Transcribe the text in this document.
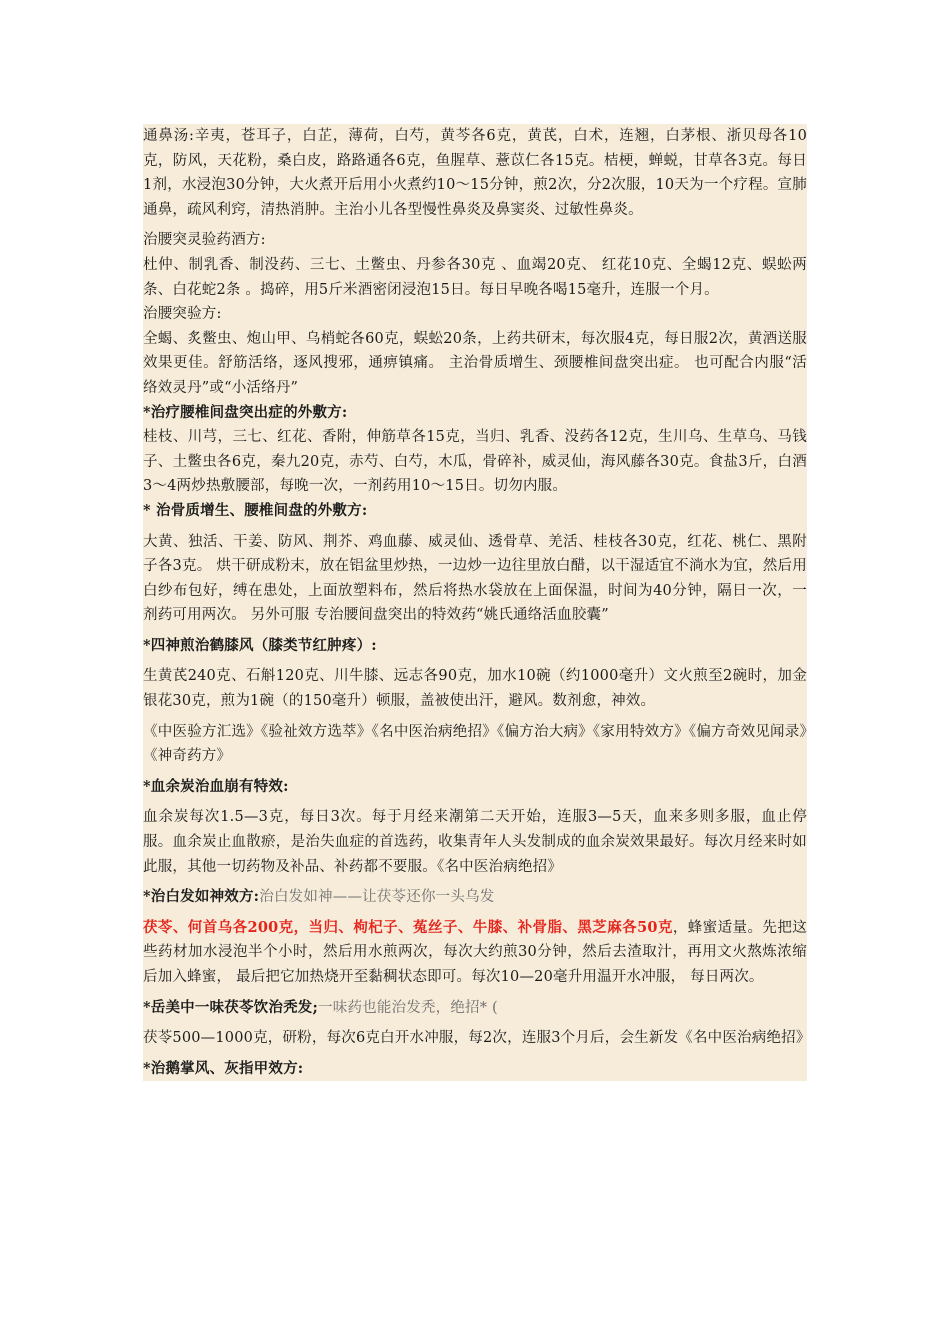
通鼻汤:辛夷，苍耳子，白芷，薄荷，白芍，黄芩各6克，黄芪，白术，连翘，白茅根、浙贝母各10克，防风，天花粉，桑白皮，路路通各6克，鱼腥草、薏苡仁各15克。桔梗，蝉蜕，甘草各3克。每日1剂，水浸泡30分钟，大火煮开后用小火煮约10～15分钟，煎2次，分2次服，10天为一个疗程。宣肺通鼻，疏风利窍，清热消肿。主治小儿各型慢性鼻炎及鼻窦炎、过敏性鼻炎。

治腰突灵验药酒方:

杜仲、制乳香、制没药、三七、土鳖虫、丹参各30克 、血竭20克、 红花10克、全蝎12克、蜈蚣两条、白花蛇2条 。捣碎，用5斤米酒密闭浸泡15日。每日早晚各喝15毫升，连服一个月。

治腰突验方:

全蝎、炙鳖虫、炮山甲、乌梢蛇各60克，蜈蚣20条，上药共研末，每次服4克，每日服2次，黄酒送服效果更佳。舒筋活络，逐风搜邪，通痹镇痛。 主治骨质增生、颈腰椎间盘突出症。 也可配合内服“活络效灵丹”或“小活络丹”

*治疗腰椎间盘突出症的外敷方:

桂枝、川芎，三七、红花、香附，伸筋草各15克，当归、乳香、没药各12克，生川乌、生草乌、马钱子、土鳖虫各6克，秦九20克，赤芍、白芍，木瓜，骨碎补，威灵仙，海风藤各30克。食盐3斤，白酒3～4两炒热敷腰部，每晚一次，一剂药用10～15日。切勿内服。

* 治骨质增生、腰椎间盘的外敷方:

大黄、独活、干姜、防风、荆芥、鸡血藤、威灵仙、透骨草、羌活、桂枝各30克，红花、桃仁、黑附子各3克。 烘干研成粉末，放在铝盆里炒热，一边炒一边往里放白醋，以干湿适宜不淌水为宜，然后用白纱布包好，缚在患处，上面放塑料布，然后将热水袋放在上面保温，时间为40分钟，隔日一次，一剂药可用两次。 另外可服 专治腰间盘突出的特效药“姚氏通络活血胶囊”

*四神煎治鹤膝风（膝类节红肿疼）:

生黄芪240克、石斛120克、川牛膝、远志各90克，加水10碗（约1000毫升）文火煎至2碗时，加金银花30克，煎为1碗（的150毫升）顿服，盖被使出汗，避风。数剂愈，神效。

《中医验方汇选》《验祉效方选萃》《名中医治病绝招》《偏方治大病》《家用特效方》《偏方奇效见闻录》《神奇药方》

*血余炭治血崩有特效:

血余炭每次1.5—3克，每日3次。每于月经来潮第二天开始，连服3—5天，血来多则多服，血止停服。血余炭止血散瘀，是治失血症的首选药，收集青年人头发制成的血余炭效果最好。每次月经来时如此服，其他一切药物及补品、补药都不要服。《名中医治病绝招》

*治白发如神效方:治白发如神——让茯苓还你一头乌发

茯苓、何首乌各200克，当归、枸杞子、菟丝子、牛膝、补骨脂、黑芝麻各50克，蜂蜜适量。先把这些药材加水浸泡半个小时，然后用水煎两次，每次大约煎30分钟，然后去渣取汁，再用文火熬炼浓缩后加入蜂蜜， 最后把它加热烧开至黏稠状态即可。每次10—20毫升用温开水冲服， 每日两次。

*岳美中一味茯苓饮治秃发;一味药也能治发秃，绝招* (

茯苓500—1000克，研粉，每次6克白开水冲服，每2次，连服3个月后，会生新发《名中医治病绝招》

*治鹅掌风、灰指甲效方:
